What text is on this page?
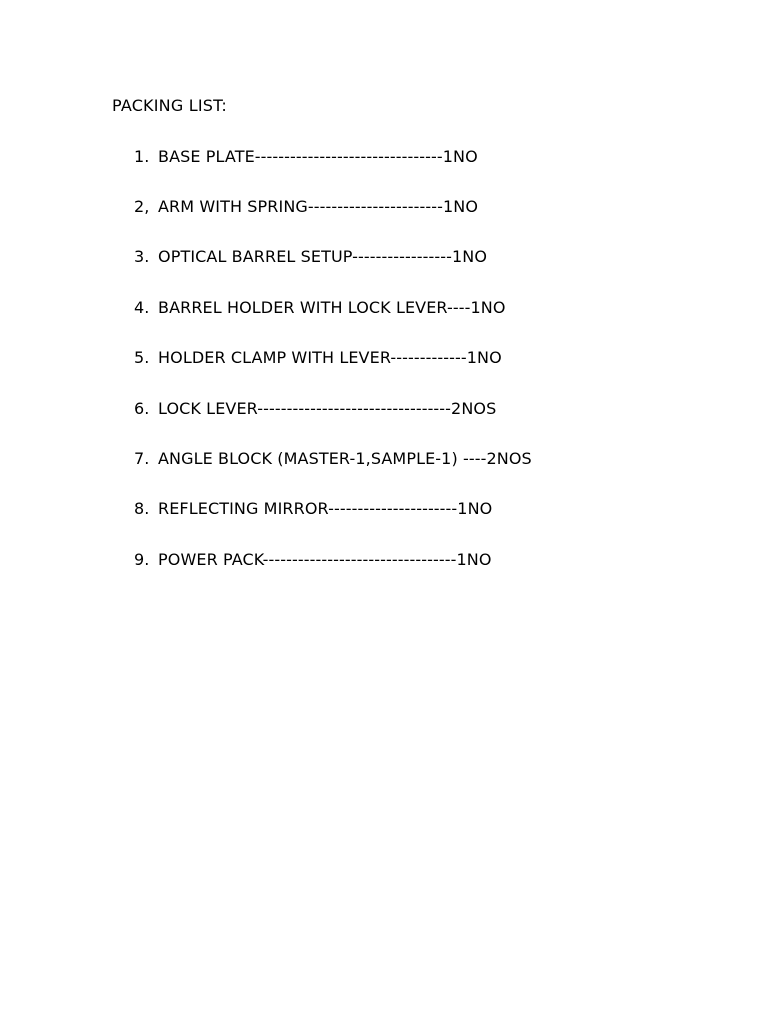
PACKING LIST:
1. BASE PLATE--------------------------------1NO
2, ARM WITH SPRING-----------------------1NO
3. OPTICAL BARREL SETUP-----------------1NO
4. BARREL HOLDER WITH LOCK LEVER----1NO
5. HOLDER CLAMP WITH LEVER-------------1NO
6. LOCK LEVER---------------------------------2NOS
7. ANGLE BLOCK (MASTER-1,SAMPLE-1) ----2NOS
8. REFLECTING MIRROR----------------------1NO
9. POWER PACK---------------------------------1NO
